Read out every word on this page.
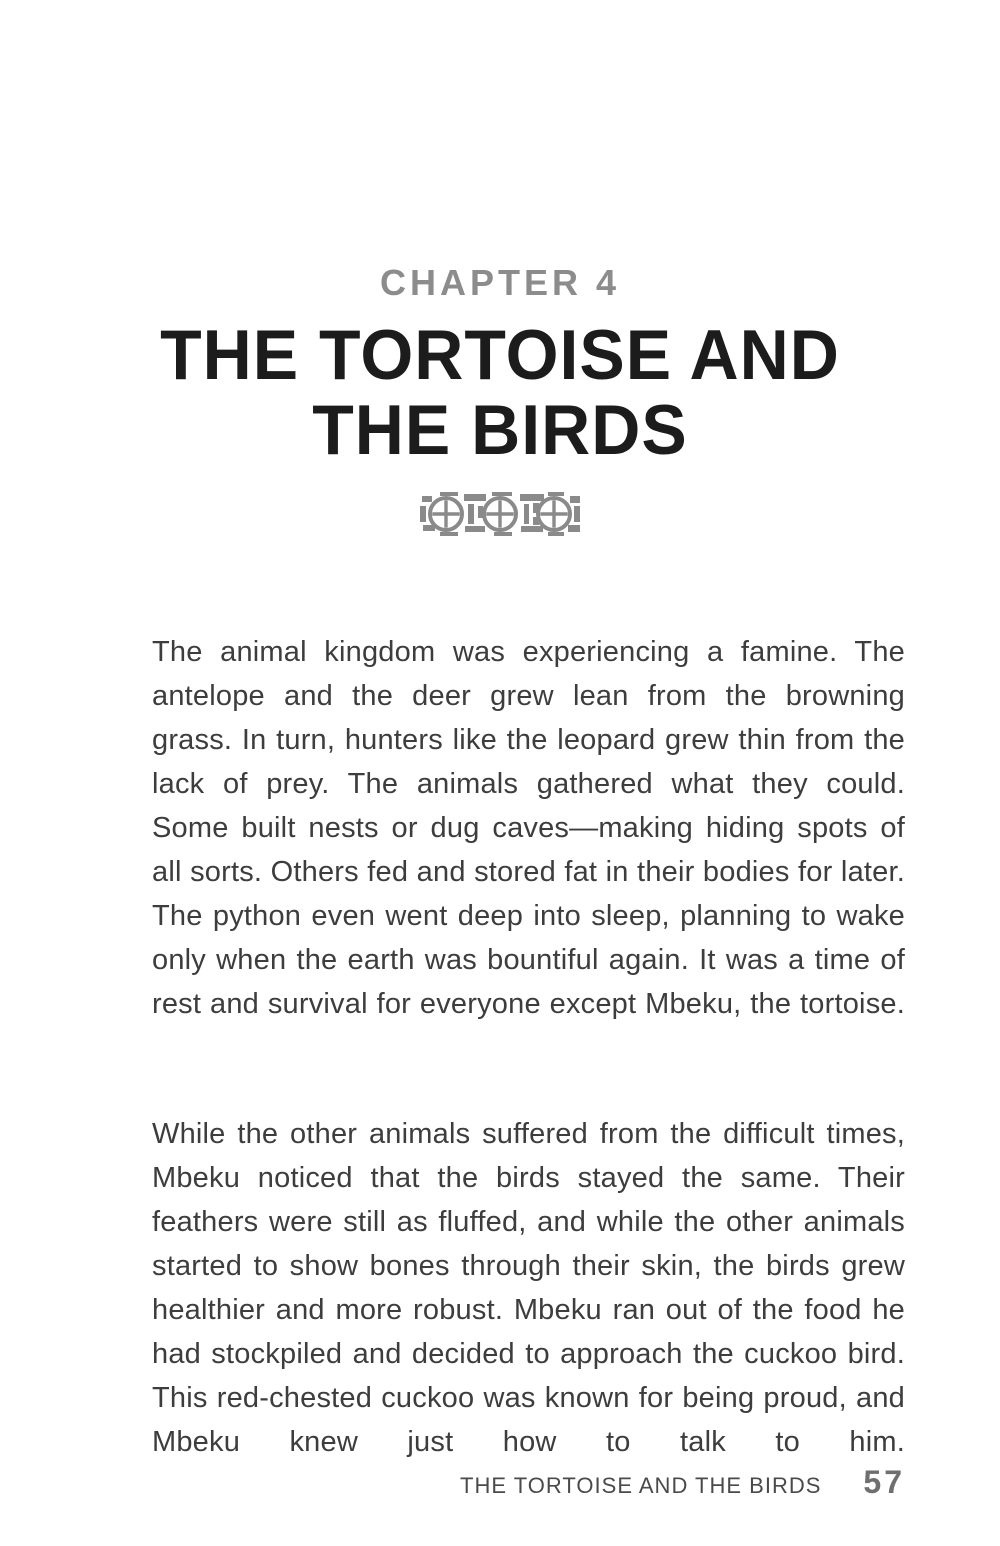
CHAPTER 4
THE TORTOISE AND
THE BIRDS

The animal kingdom was experiencing a famine. The antelope and the deer grew lean from the browning grass. In turn, hunters like the leopard grew thin from the lack of prey. The animals gathered what they could. Some built nests or dug caves—making hiding spots of all sorts. Others fed and stored fat in their bodies for later. The python even went deep into sleep, planning to wake only when the earth was bountiful again. It was a time of rest and survival for everyone except Mbeku, the tortoise.

While the other animals suffered from the difficult times, Mbeku noticed that the birds stayed the same. Their feathers were still as fluffed, and while the other animals started to show bones through their skin, the birds grew healthier and more robust. Mbeku ran out of the food he had stockpiled and decided to approach the cuckoo bird. This red-chested cuckoo was known for being proud, and Mbeku knew just how to talk to him.

THE TORTOISE AND THE BIRDS 57
